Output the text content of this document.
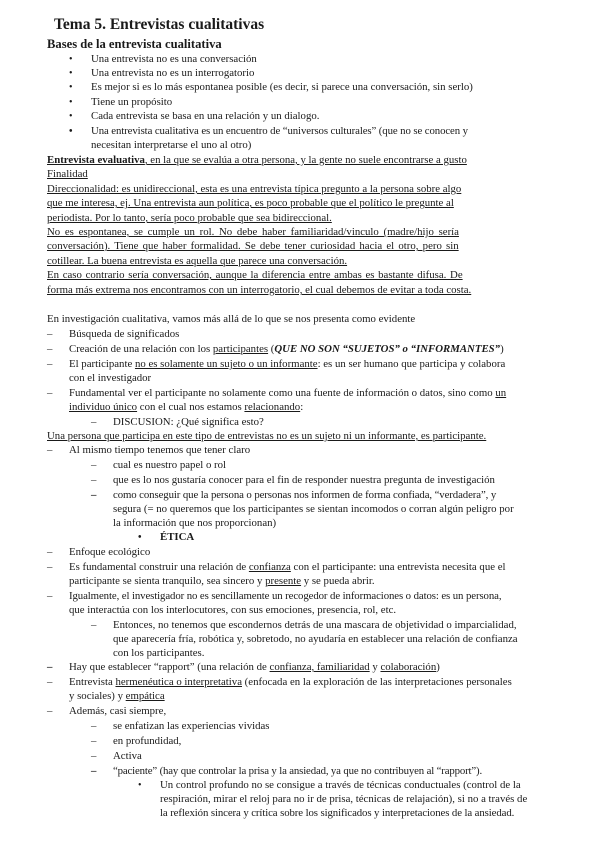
Tema 5. Entrevistas cualitativas
Bases de la entrevista cualitativa
• Una entrevista no es una conversación
• Una entrevista no es un interrogatorio
• Es mejor si es lo más espontanea posible (es decir, si parece una conversación, sin serlo)
• Tiene un propósito
• Cada entrevista se basa en una relación y un dialogo.
• Una entrevista cualitativa es un encuentro de “universos culturales” (que no se conocen y
necesitan interpretarse el uno al otro)
Entrevista evaluativa, en la que se evalúa a otra persona, y la gente no suele encontrarse a gusto
Finalidad
Direccionalidad: es unidireccional, esta es una entrevista típica pregunto a la persona sobre algo
que me interesa, ej. Una entrevista aun política, es poco probable que el político le pregunte al
periodista. Por lo tanto, sería poco probable que sea bidireccional.
No es espontanea, se cumple un rol. No debe haber familiaridad/vinculo (madre/hijo sería
conversación). Tiene que haber formalidad. Se debe tener curiosidad hacia el otro, pero sin
cotillear. La buena entrevista es aquella que parece una conversación.
En caso contrario sería conversación, aunque la diferencia entre ambas es bastante difusa. De
forma más extrema nos encontramos con un interrogatorio, el cual debemos de evitar a toda costa.
En investigación cualitativa, vamos más allá de lo que se nos presenta como evidente
– Búsqueda de significados
– Creación de una relación con los participantes (QUE NO SON “SUJETOS” o “INFORMANTES”)
– El participante no es solamente un sujeto o un informante: es un ser humano que participa y colabora
con el investigador
– Fundamental ver el participante no solamente como una fuente de información o datos, sino como un
individuo único con el cual nos estamos relacionando:
– DISCUSION: ¿Qué significa esto?
Una persona que participa en este tipo de entrevistas no es un sujeto ni un informante, es participante.
– Al mismo tiempo tenemos que tener claro
– cual es nuestro papel o rol
– que es lo nos gustaría conocer para el fin de responder nuestra pregunta de investigación
– como conseguir que la persona o personas nos informen de forma confiada, “verdadera”, y
segura (= no queremos que los participantes se sientan incomodos o corran algún peligro por
la información que nos proporcionan)
• ÉTICA
– Enfoque ecológico
– Es fundamental construir una relación de confianza con el participante: una entrevista necesita que el
participante se sienta tranquilo, sea sincero y presente y se pueda abrir.
– Igualmente, el investigador no es sencillamente un recogedor de informaciones o datos: es un persona,
que interactúa con los interlocutores, con sus emociones, presencia, rol, etc.
– Entonces, no tenemos que escondernos detrás de una mascara de objetividad o imparcialidad,
que aparecería fría, robótica y, sobretodo, no ayudaría en establecer una relación de confianza
con los participantes.
– Hay que establecer “rapport” (una relación de confianza, familiaridad y colaboración)
– Entrevista hermenéutica o interpretativa (enfocada en la exploración de las interpretaciones personales
y sociales) y empática
– Además, casi siempre,
– se enfatizan las experiencias vividas
– en profundidad,
– Activa
– “paciente” (hay que controlar la prisa y la ansiedad, ya que no contribuyen al “rapport”).
• Un control profundo no se consigue a través de técnicas conductuales (control de la
respiración, mirar el reloj para no ir de prisa, técnicas de relajación), si no a través de
la reflexión sincera y crítica sobre los significados y interpretaciones de la ansiedad.
